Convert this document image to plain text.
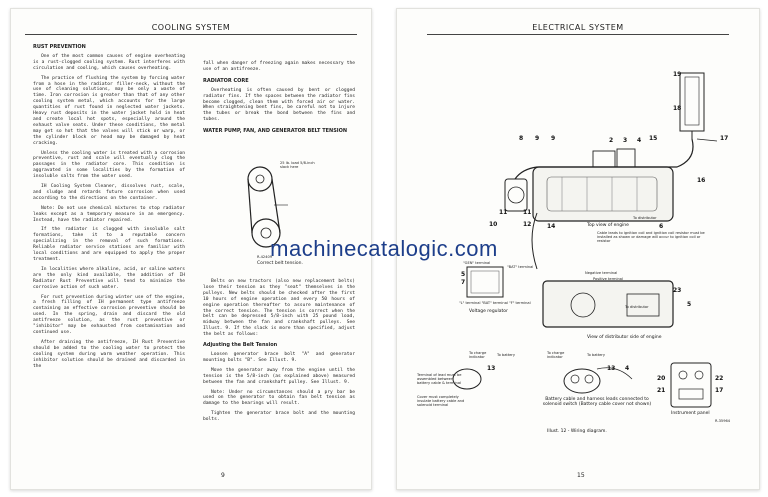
machinecatalogic.com
COOLING SYSTEM
RUST PREVENTION

One of the most common causes of engine overheating is a rust-clogged cooling system. Rust interferes with circulation and cooling, which causes overheating.

The practice of flushing the system by forcing water from a hose in the radiator filler-neck, without the use of cleaning solutions, may be only a waste of time. Iron corrosion is greater than that of any other cooling system metal, which accounts for the large quantities of rust found in neglected water jackets. Heavy rust deposits in the water jacket hold in heat and create local hot spots, especially around the exhaust valve seats. Under these conditions, the metal may get so hot that the valves will stick or warp, or the cylinder block or head may be damaged by heat cracking.

Unless the cooling water is treated with a corrosion preventive, rust and scale will eventually clog the passages in the radiator core. This condition is aggravated in some localities by the formation of insoluble salts from the water used.

IH Cooling System Cleaner, dissolves rust, scale, and sludge and retards future corrosion when used according to the directions on the container.

Note: Do not use chemical mixtures to stop radiator leaks except as a temporary measure in an emergency. Instead, have the radiator repaired.

If the radiator is clogged with insoluble salt formations, take it to a reputable concern specializing in the removal of such formations. Reliable radiator service stations are familiar with local conditions and are equipped to apply the proper treatment.

In localities where alkaline, acid, or saline waters are the only kind available, the addition of IH Radiator Rust Preventive will tend to minimize the corrosive action of such water.

For rust prevention during winter use of the engine, a fresh filling of IH permanent type antifreeze containing an effective corrosion preventive should be used. In the spring, drain and discard the old antifreeze solution, as the rust preventive or "inhibitor" may be exhausted from contamination and continued use.

After draining the antifreeze, IH Rust Preventive should be added to the cooling water to protect the cooling system during warm weather operation. This inhibitor solution should be drained and discarded in the

fall when danger of freezing again makes necessary the use of an antifreeze.

RADIATOR CORE

Overheating is often caused by bent or clogged radiator fins. If the spaces between the radiator fins become clogged, clean them with forced air or water. When straightening bent fins, be careful not to injure the tubes or break the bond between the fins and tubes.

WATER PUMP, FAN, AND GENERATOR BELT TENSION
25 lb. load 5/8-inch slack here
R-42409
Correct belt tension.

Belts on new tractors (also new replacement belts) lose their tension as they "seat" themselves in the pulleys. New belts should be checked after the first 10 hours of engine operation and every 50 hours of engine operation thereafter to assure maintenance of the correct tension. The tension is correct when the belt can be depressed 5/8-inch with 25 pound load, midway between the fan and crankshaft pulleys. See Illust. 9. If the slack is more than specified, adjust the belt as follows:

Adjusting the Belt Tension

Loosen generator brace bolt "A" and generator mounting bolts "B". See Illust. 9.

Move the generator away from the engine until the tension is the 5/8-inch (as explained above) measured between the fan and crankshaft pulley. See Illust. 9.

Note: Under no circumstances should a pry bar be used on the generator to obtain fan belt tension as damage to the bearings will result.

Tighten the generator brace bolt and the mounting bolts.

9
ELECTRICAL SYSTEM
19
18
17
16
15
9
8	9	2 3 4
10
11	11
12	14	6
7
5
23
5
13	13 4
20
21
22
17
Top view of engine
To distributor
Cable leads to ignition coil and ignition coil resistor must be installed as shown or damage will occur to ignition coil or resistor
"GEN" terminal
"BAT" terminal
"L" terminal "BAT" terminal "F" terminal
Voltage regulator
Negative terminal
Positive terminal
To distributor
View of distributor side of engine
To charge indicator
To battery
Terminal of lead must be assembled between battery cable & terminal
Cover must completely insulate battery cable and solenoid terminal
To charge indicator
To battery
Battery cable and harness leads connected to solenoid switch (Battery cable cover not shown)
Instrument panel
R-35964
Illust. 12 - Wiring diagram.
15
